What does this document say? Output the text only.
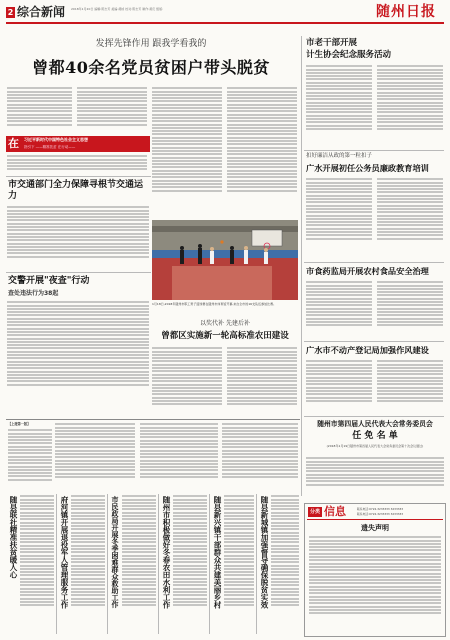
2 综合新闻 2018年1月20日 编辑:陈志芳 美编:胡桢 校对:陈志芳 制作:黄庆 组版:	随州日报
发挥先锋作用 跟我学看我的
曾都40余名党员贫困户带头脱贫
在	习近平新时代中国特色社会主义思想
指引下 ——精准扶贫 在行动——
市交通部门全力保障寻根节交通运力
交警开展"夜查"行动
查处违法行为38起
1月18日,2018年随州市职工男子篮球赛在随州市体育馆开幕,来自全市的16支队伍参加比赛。
以奖代补 先建后补
曾都区实施新一轮高标准农田建设
市老干部开展
计生协会纪念服务活动
扣好廉洁从政的第一粒扣子
广水开展初任公务员廉政教育培训
市食药监局开展农村食品安全治理
广水市不动产登记局加强作风建设
随州市第四届人民代表大会常务委员会
任 免 名 单
(2018年1月19日随州市第四届人民代表大会常务委员会第十次会议通过)
【上接第一版】
随县联社精准扶贫暖人心	府河镇开展退役军人管理服务工作	市民政局开展冬季困难群众救助工作	随州市积极做好冬春农田水利工作	随县新兴镇干部群众共建美丽乡村	随县新城镇加强督导确保脱贫实效	分类 信息	联系电话:0722-3233333 3233333
联系电话:0722-3233333 3233333
遗失声明
